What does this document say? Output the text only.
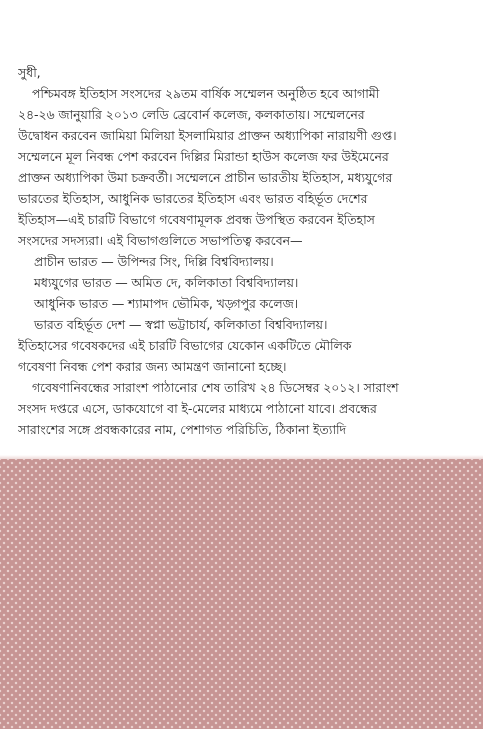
সুধী,
পশ্চিমবঙ্গ ইতিহাস সংসদের ২৯তম বার্ষিক সম্মেলন অনুষ্ঠিত হবে আগামী
২৪-২৬ জানুয়ারি ২০১৩ লেডি ব্রেবোর্ন কলেজ, কলকাতায়। সম্মেলনের
উদ্বোধন করবেন জামিয়া মিলিয়া ইসলামিয়ার প্রাক্তন অধ্যাপিকা নারায়ণী গুপ্ত।
সম্মেলনে মূল নিবন্ধ পেশ করবেন দিল্লির মিরান্ডা হাউস কলেজ ফর উইমেনের
প্রাক্তন অধ্যাপিকা উমা চক্রবর্তী। সম্মেলনে প্রাচীন ভারতীয় ইতিহাস, মধ্যযুগের
ভারতের ইতিহাস, আধুনিক ভারতের ইতিহাস এবং ভারত বহির্ভূত দেশের
ইতিহাস—এই চারটি বিভাগে গবেষণামূলক প্রবন্ধ উপস্থিত করবেন ইতিহাস
সংসদের সদস্যরা। এই বিভাগগুলিতে সভাপতিত্ব করবেন—
প্রাচীন ভারত — উপিন্দর সিং, দিল্লি বিশ্ববিদ্যালয়।
মধ্যযুগের ভারত — অমিত দে, কলিকাতা বিশ্ববিদ্যালয়।
আধুনিক ভারত — শ্যামাপদ ভৌমিক, খড়্গপুর কলেজ।
ভারত বহির্ভূত দেশ — স্বপ্না ভট্টাচার্য, কলিকাতা বিশ্ববিদ্যালয়।
ইতিহাসের গবেষকদের এই চারটি বিভাগের যেকোন একটিতে মৌলিক
গবেষণা নিবন্ধ পেশ করার জন্য আমন্ত্রণ জানানো হচ্ছে।
গবেষণানিবন্ধের সারাংশ পাঠানোর শেষ তারিখ ২৪ ডিসেম্বর ২০১২। সারাংশ
সংসদ দপ্তরে এসে, ডাকযোগে বা ই-মেলের মাধ্যমে পাঠানো যাবে। প্রবন্ধের
সারাংশের সঙ্গে প্রবন্ধকারের নাম, পেশাগত পরিচিতি, ঠিকানা ইত্যাদি
